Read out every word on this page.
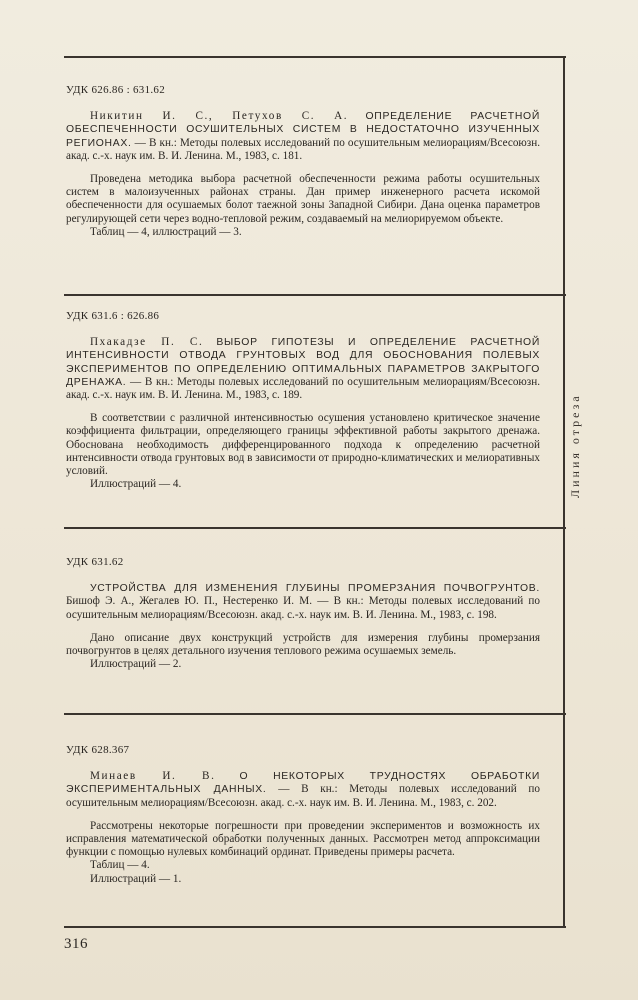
Линия отреза

УДК 626.86 : 631.62

Никитин И. С., Петухов С. А. ОПРЕДЕЛЕНИЕ РАСЧЕТНОЙ ОБЕСПЕЧЕННОСТИ ОСУШИТЕЛЬНЫХ СИСТЕМ В НЕДОСТАТОЧНО ИЗУЧЕННЫХ РЕГИОНАХ. — В кн.: Методы полевых исследований по осушительным мелиорациям/Всесоюзн. акад. с.-х. наук им. В. И. Ленина. М., 1983, с. 181.

Проведена методика выбора расчетной обеспеченности режима работы осушительных систем в малоизученных районах страны. Дан пример инженерного расчета искомой обеспеченности для осушаемых болот таежной зоны Западной Сибири. Дана оценка параметров регулирующей сети через водно-тепловой режим, создаваемый на мелиорируемом объекте.

Таблиц — 4, иллюстраций — 3.

УДК 631.6 : 626.86

Пхакадзе П. С. ВЫБОР ГИПОТЕЗЫ И ОПРЕДЕЛЕНИЕ РАСЧЕТНОЙ ИНТЕНСИВНОСТИ ОТВОДА ГРУНТОВЫХ ВОД ДЛЯ ОБОСНОВАНИЯ ПОЛЕВЫХ ЭКСПЕРИМЕНТОВ ПО ОПРЕДЕЛЕНИЮ ОПТИМАЛЬНЫХ ПАРАМЕТРОВ ЗАКРЫТОГО ДРЕНАЖА. — В кн.: Методы полевых исследований по осушительным мелиорациям/Всесоюзн. акад. с.-х. наук им. В. И. Ленина. М., 1983, с. 189.

В соответствии с различной интенсивностью осушения установлено критическое значение коэффициента фильтрации, определяющего границы эффективной работы закрытого дренажа. Обоснована необходимость дифференцированного подхода к определению расчетной интенсивности отвода грунтовых вод в зависимости от природно-климатических и мелиоративных условий.

Иллюстраций — 4.

УДК 631.62

УСТРОЙСТВА ДЛЯ ИЗМЕНЕНИЯ ГЛУБИНЫ ПРОМЕРЗАНИЯ ПОЧВОГРУНТОВ. Бишоф Э. А., Жегалев Ю. П., Нестеренко И. М. — В кн.: Методы полевых исследований по осушительным мелиорациям/Всесоюзн. акад. с.-х. наук им. В. И. Ленина. М., 1983, с. 198.

Дано описание двух конструкций устройств для измерения глубины промерзания почвогрунтов в целях детального изучения теплового режима осушаемых земель.

Иллюстраций — 2.

УДК 628.367

Минаев И. В. О НЕКОТОРЫХ ТРУДНОСТЯХ ОБРАБОТКИ ЭКСПЕРИМЕНТАЛЬНЫХ ДАННЫХ. — В кн.: Методы полевых исследований по осушительным мелиорациям/Всесоюзн. акад. с.-х. наук им. В. И. Ленина. М., 1983, с. 202.

Рассмотрены некоторые погрешности при проведении экспериментов и возможность их исправления математической обработки полученных данных. Рассмотрен метод аппроксимации функции с помощью нулевых комбинаций ординат. Приведены примеры расчета.

Таблиц — 4.

Иллюстраций — 1.

316
